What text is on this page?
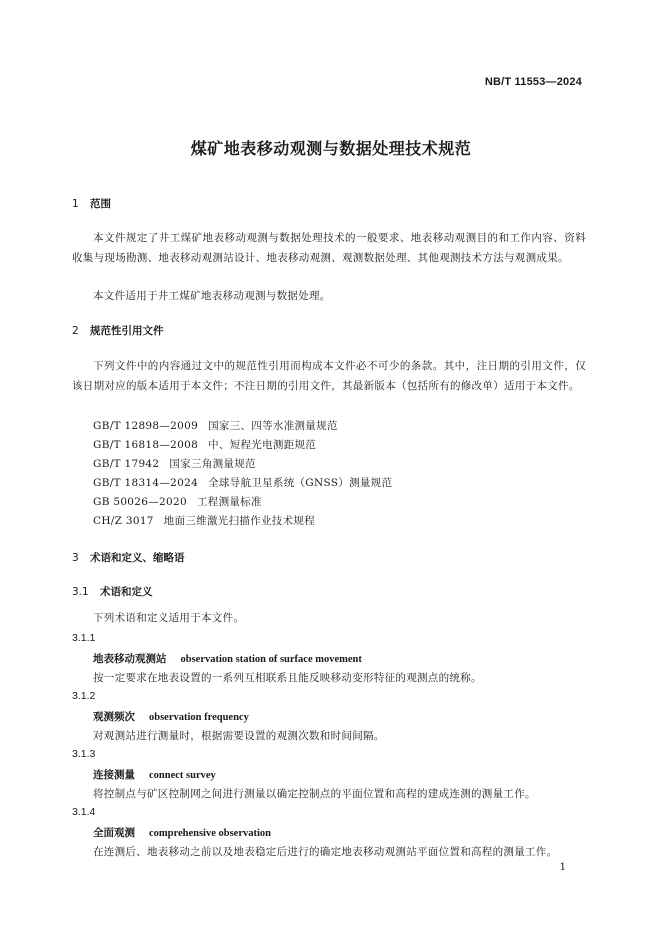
NB/T 11553—2024
煤矿地表移动观测与数据处理技术规范
1 范围
本文件规定了井工煤矿地表移动观测与数据处理技术的一般要求、地表移动观测目的和工作内容、资料收集与现场勘测、地表移动观测站设计、地表移动观测、观测数据处理、其他观测技术方法与观测成果。
本文件适用于井工煤矿地表移动观测与数据处理。
2 规范性引用文件
下列文件中的内容通过文中的规范性引用而构成本文件必不可少的条款。其中，注日期的引用文件，仅该日期对应的版本适用于本文件；不注日期的引用文件，其最新版本（包括所有的修改单）适用于本文件。
GB/T 12898—2009 国家三、四等水准测量规范
GB/T 16818—2008 中、短程光电测距规范
GB/T 17942 国家三角测量规范
GB/T 18314—2024 全球导航卫星系统（GNSS）测量规范
GB 50026—2020 工程测量标准
CH/Z 3017 地面三维激光扫描作业技术规程
3 术语和定义、缩略语
3.1 术语和定义
下列术语和定义适用于本文件。
3.1.1
地表移动观测站 observation station of surface movement
按一定要求在地表设置的一系列互相联系且能反映移动变形特征的观测点的统称。
3.1.2
观测频次 observation frequency
对观测站进行测量时，根据需要设置的观测次数和时间间隔。
3.1.3
连接测量 connect survey
将控制点与矿区控制网之间进行测量以确定控制点的平面位置和高程的建成连测的测量工作。
3.1.4
全面观测 comprehensive observation
在连测后、地表移动之前以及地表稳定后进行的确定地表移动观测站平面位置和高程的测量工作。
1
